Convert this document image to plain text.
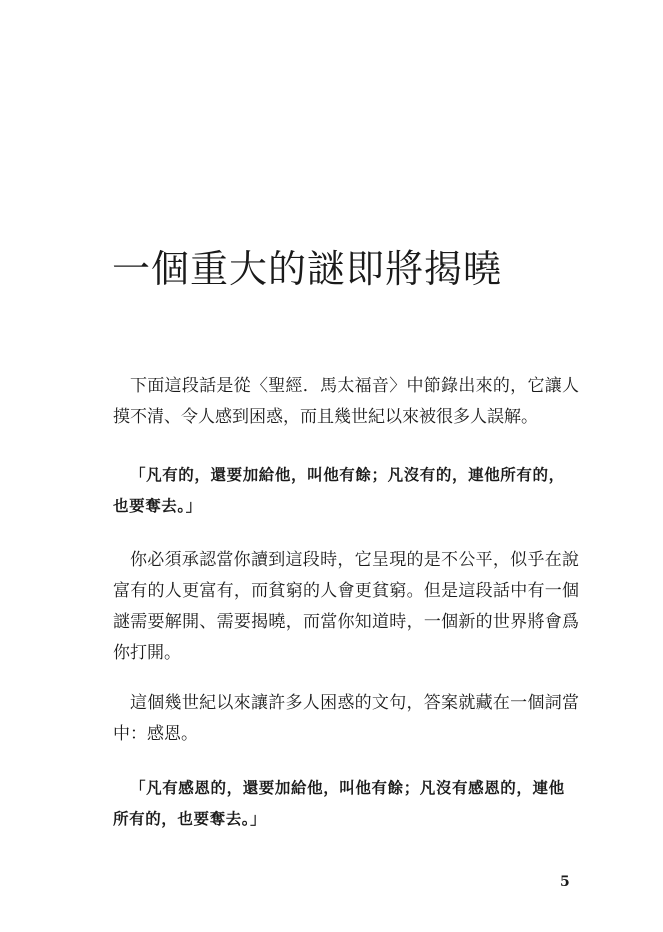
一個重大的謎即將揭曉

下面這段話是從〈聖經．馬太福音〉中節錄出來的，它讓人摸不清、令人感到困惑，而且幾世紀以來被很多人誤解。

「凡有的，還要加給他，叫他有餘；凡沒有的，連他所有的，也要奪去。」

你必須承認當你讀到這段時，它呈現的是不公平，似乎在說富有的人更富有，而貧窮的人會更貧窮。但是這段話中有一個謎需要解開、需要揭曉，而當你知道時，一個新的世界將會爲你打開。

這個幾世紀以來讓許多人困惑的文句，答案就藏在一個詞當中：感恩。

「凡有感恩的，還要加給他，叫他有餘；凡沒有感恩的，連他所有的，也要奪去。」

5
